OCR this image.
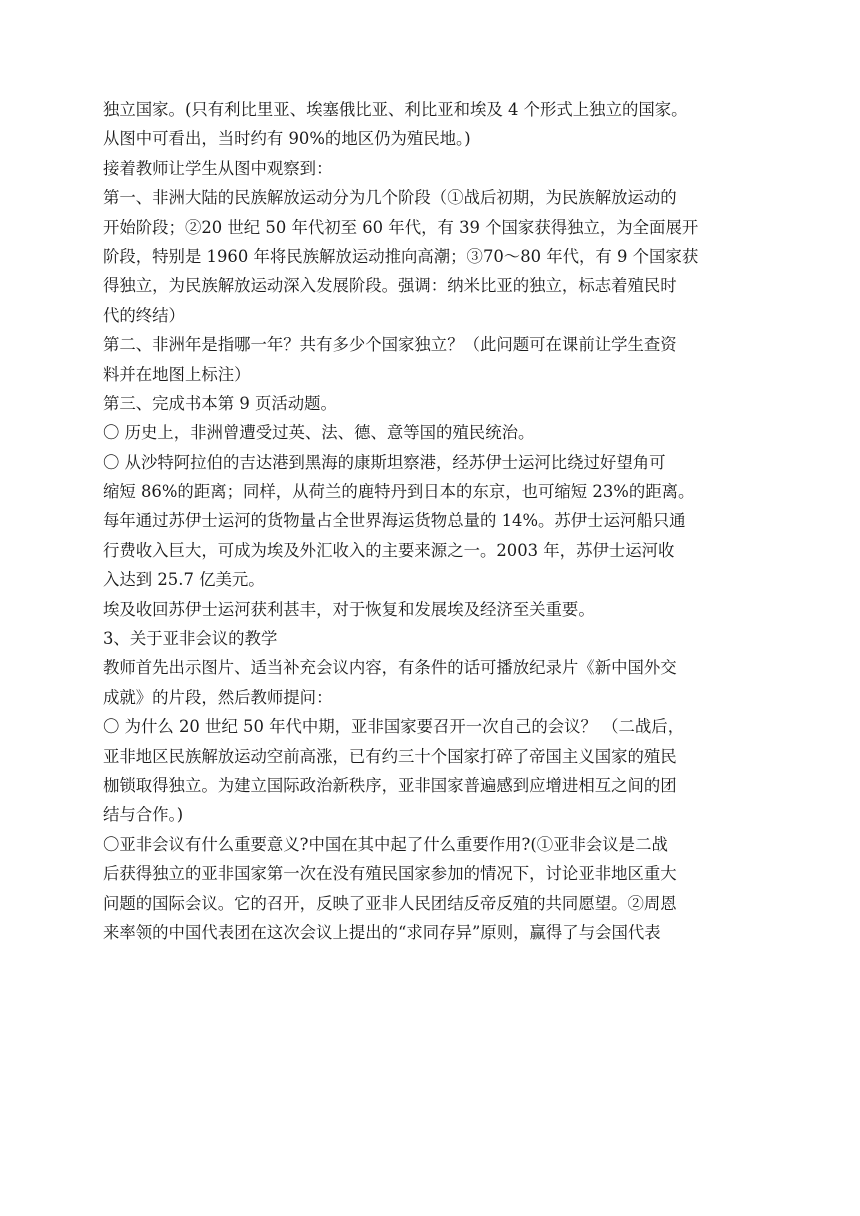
独立国家。(只有利比里亚、埃塞俄比亚、利比亚和埃及 4 个形式上独立的国家。
从图中可看出，当时约有 90%的地区仍为殖民地。)
接着教师让学生从图中观察到：
第一、非洲大陆的民族解放运动分为几个阶段（①战后初期，为民族解放运动的
开始阶段；②20 世纪 50 年代初至 60 年代，有 39 个国家获得独立，为全面展开
阶段，特别是 1960 年将民族解放运动推向高潮；③70～80 年代，有 9 个国家获
得独立，为民族解放运动深入发展阶段。强调：纳米比亚的独立，标志着殖民时
代的终结）
第二、非洲年是指哪一年？共有多少个国家独立？（此问题可在课前让学生查资
料并在地图上标注）
第三、完成书本第 9 页活动题。
〇 历史上，非洲曾遭受过英、法、德、意等国的殖民统治。
〇 从沙特阿拉伯的吉达港到黑海的康斯坦察港，经苏伊士运河比绕过好望角可
缩短 86%的距离；同样，从荷兰的鹿特丹到日本的东京，也可缩短 23%的距离。
每年通过苏伊士运河的货物量占全世界海运货物总量的 14%。苏伊士运河船只通
行费收入巨大，可成为埃及外汇收入的主要来源之一。2003 年，苏伊士运河收
入达到 25.7 亿美元。
埃及收回苏伊士运河获利甚丰，对于恢复和发展埃及经济至关重要。
3、关于亚非会议的教学
教师首先出示图片、适当补充会议内容，有条件的话可播放纪录片《新中国外交
成就》的片段，然后教师提问：
〇 为什么 20 世纪 50 年代中期，亚非国家要召开一次自己的会议？ （二战后，
亚非地区民族解放运动空前高涨，已有约三十个国家打碎了帝国主义国家的殖民
枷锁取得独立。为建立国际政治新秩序，亚非国家普遍感到应增进相互之间的团
结与合作。)
〇亚非会议有什么重要意义?中国在其中起了什么重要作用?(①亚非会议是二战
后获得独立的亚非国家第一次在没有殖民国家参加的情况下，讨论亚非地区重大
问题的国际会议。它的召开，反映了亚非人民团结反帝反殖的共同愿望。②周恩
来率领的中国代表团在这次会议上提出的“求同存异”原则，赢得了与会国代表
